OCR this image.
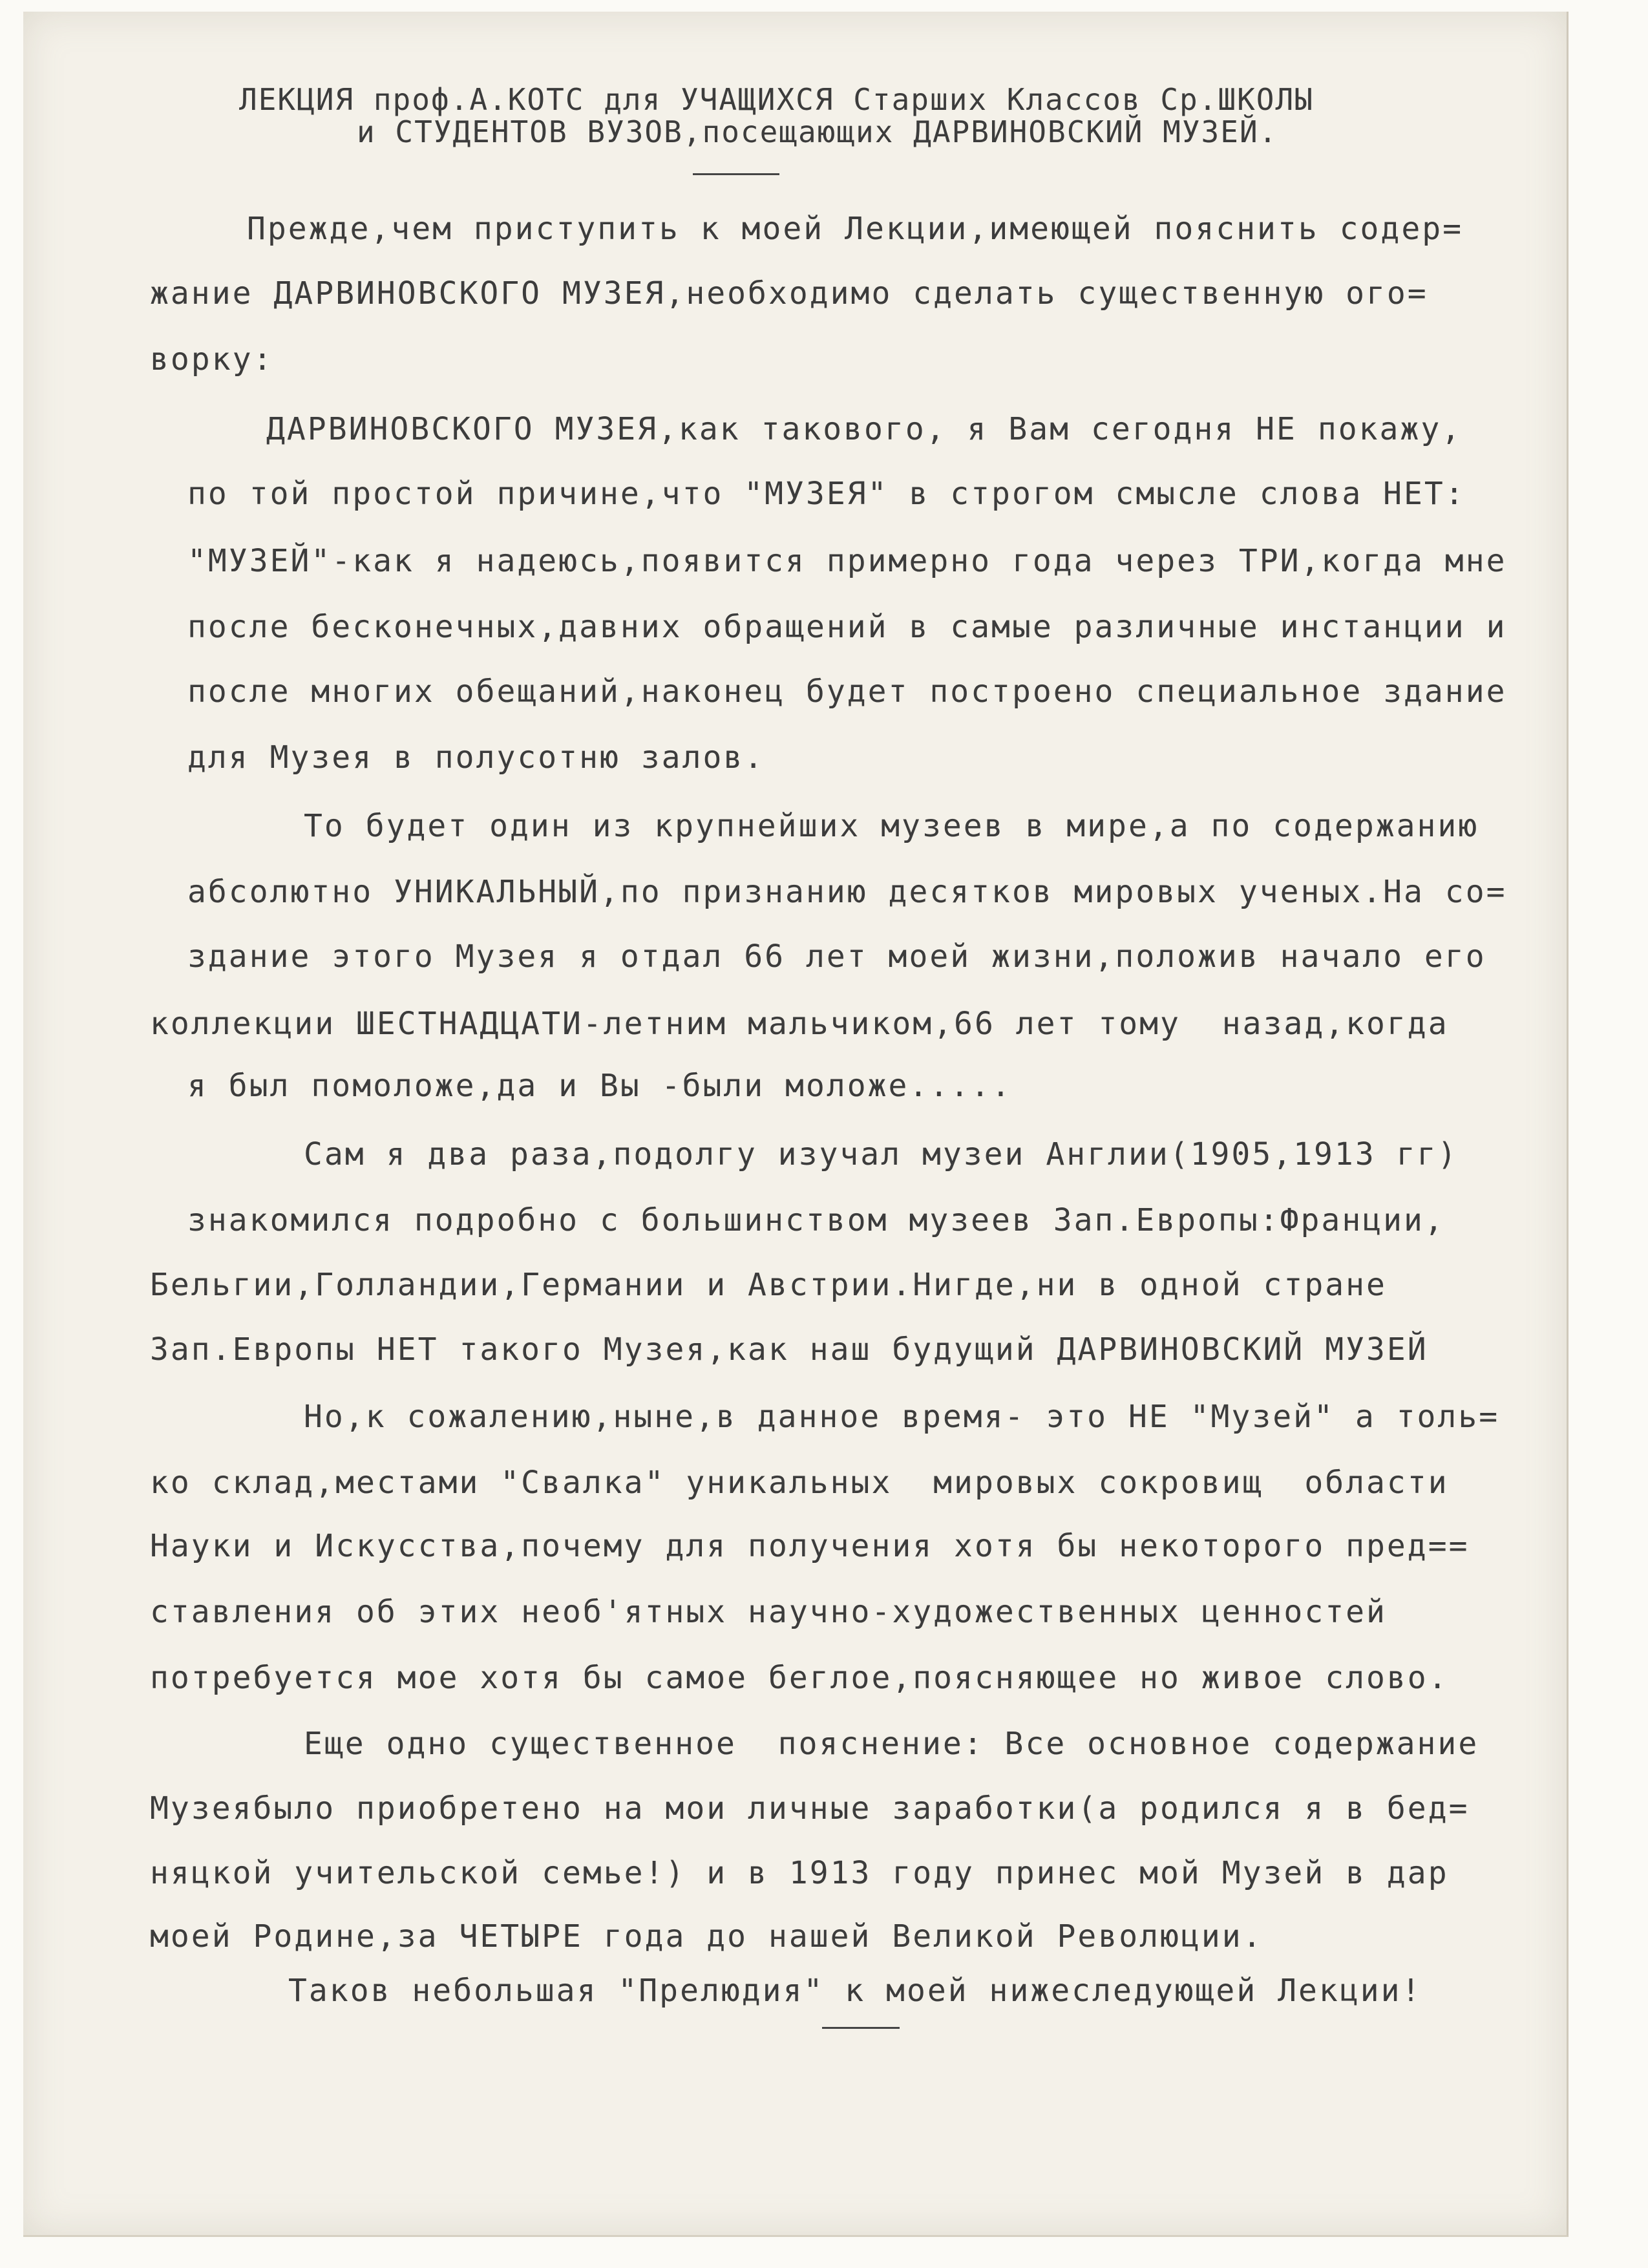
ЛЕКЦИЯ проф.А.КОТС для УЧАЩИХСЯ Старших Классов Ср.ШКОЛЫ
и СТУДЕНТОВ ВУЗОВ,посещающих ДАРВИНОВСКИЙ МУЗЕЙ.
Прежде,чем приступить к моей Лекции,имеющей пояснить содер=
жание ДАРВИНОВСКОГО МУЗЕЯ,необходимо сделать существенную ого=
ворку:
ДАРВИНОВСКОГО МУЗЕЯ,как такового, я Вам сегодня НЕ покажу,
по той простой причине,что "МУЗЕЯ" в строгом смысле слова НЕТ:
"МУЗЕЙ"-как я надеюсь,появится примерно года через ТРИ,когда мне
после бесконечных,давних обращений в самые различные инстанции и
после многих обещаний,наконец будет построено специальное здание
для Музея в полусотню залов.
То будет один из крупнейших музеев в мире,а по содержанию
абсолютно УНИКАЛЬНЫЙ,по признанию десятков мировых ученых.На со=
здание этого Музея я отдал 66 лет моей жизни,положив начало его
коллекции ШЕСТНАДЦАТИ-летним мальчиком,66 лет тому  назад,когда
я был помоложе,да и Вы -были моложе.....
Сам я два раза,подолгу изучал музеи Англии(1905,1913 гг)
знакомился подробно с большинством музеев Зап.Европы:Франции,
Бельгии,Голландии,Германии и Австрии.Нигде,ни в одной стране
Зап.Европы НЕТ такого Музея,как наш будущий ДАРВИНОВСКИЙ МУЗЕЙ
Но,к сожалению,ныне,в данное время- это НЕ "Музей" а толь=
ко склад,местами "Свалка" уникальных  мировых сокровищ  области
Науки и Искусства,почему для получения хотя бы некоторого пред==
ставления об этих необ'ятных научно-художественных ценностей
потребуется мое хотя бы самое беглое,поясняющее но живое слово.
Еще одно существенное  пояснение: Все основное содержание
Музеябыло приобретено на мои личные заработки(а родился я в бед=
няцкой учительской семье!) и в 1913 году принес мой Музей в дар
моей Родине,за ЧЕТЫРЕ года до нашей Великой Революции.
Таков небольшая "Прелюдия" к моей нижеследующей Лекции!
